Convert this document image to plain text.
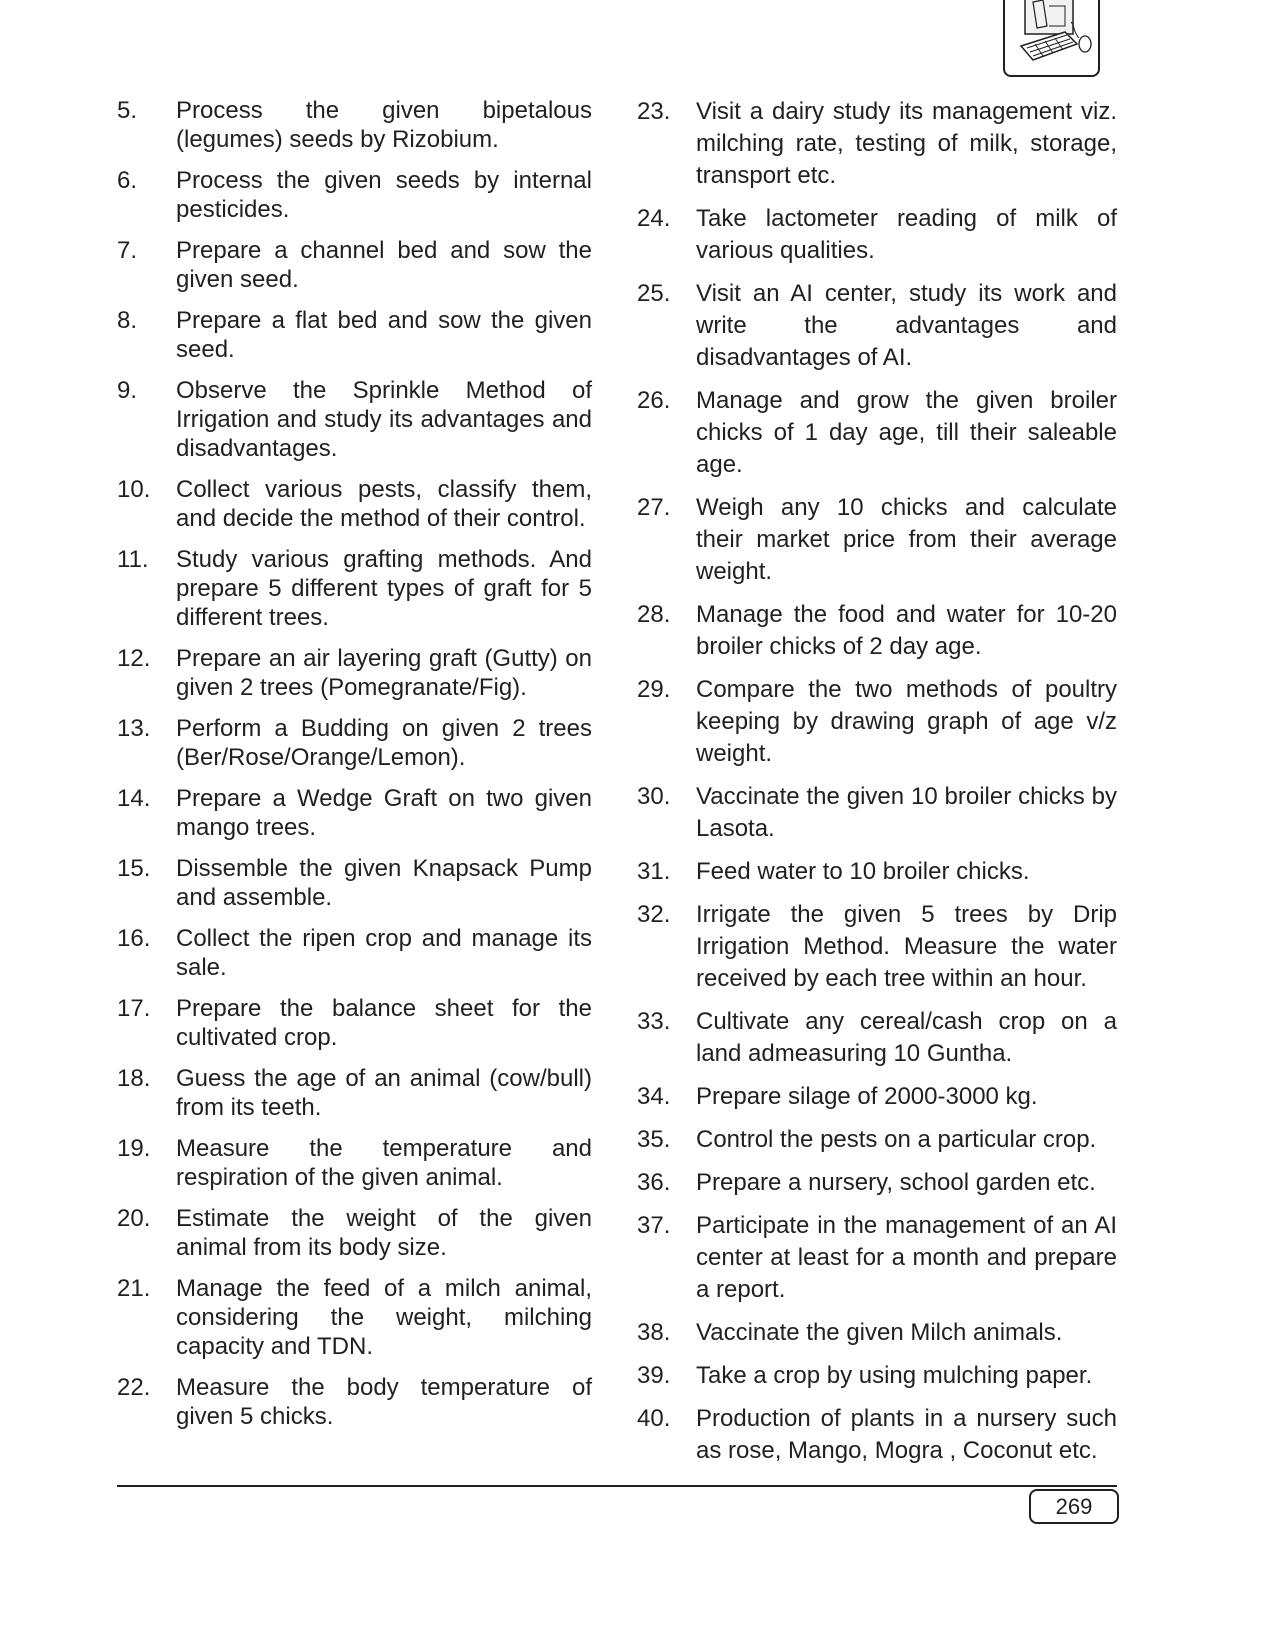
5.	Process the given bipetalous (legumes) seeds by Rizobium.
6.	Process the given seeds by internal pesticides.
7.	Prepare a channel bed and sow the given seed.
8.	Prepare a flat bed and sow the given seed.
9.	Observe the Sprinkle Method of Irrigation and study its advantages and disadvantages.
10.	Collect various pests, classify them, and decide the method of their control.
11.	Study various grafting methods. And prepare 5 different types of graft for 5 different trees.
12.	Prepare an air layering graft (Gutty) on given 2 trees (Pomegranate/Fig).
13.	Perform a Budding on given 2 trees (Ber/Rose/Orange/Lemon).
14.	Prepare a Wedge Graft on two given mango trees.
15.	Dissemble the given Knapsack Pump and assemble.
16.	Collect the ripen crop and manage its sale.
17.	Prepare the balance sheet for the cultivated crop.
18.	Guess the age of an animal (cow/bull) from its teeth.
19.	Measure the temperature and respiration of the given animal.
20.	Estimate the weight of the given animal from its body size.
21.	Manage the feed of a milch animal, considering the weight, milching capacity and TDN.
22.	Measure the body temperature of given 5 chicks.
23.	Visit a dairy study its management viz. milching rate, testing of milk, storage, transport etc.
24.	Take lactometer reading of milk of various qualities.
25.	Visit an AI center, study its work and write the advantages and disadvantages of AI.
26.	Manage and grow the given broiler chicks of 1 day age, till their saleable age.
27.	Weigh any 10 chicks and calculate their market price from their average weight.
28.	Manage the food and water for 10-20 broiler chicks of 2 day age.
29.	Compare the two methods of poultry keeping by drawing graph of age v/z weight.
30.	Vaccinate the given 10 broiler chicks by Lasota.
31.	Feed water to 10 broiler chicks.
32.	Irrigate the given 5 trees by Drip Irrigation Method. Measure the water received by each tree within an hour.
33.	Cultivate any cereal/cash crop on a land admeasuring 10 Guntha.
34.	Prepare silage of 2000-3000 kg.
35.	Control the pests on a particular crop.
36.	Prepare a nursery, school garden etc.
37.	Participate in the management of an AI center at least for a month and prepare a report.
38.	Vaccinate the given Milch animals.
39.	Take a crop by using mulching paper.
40.	Production of plants in a nursery such as rose, Mango, Mogra , Coconut etc.
269
